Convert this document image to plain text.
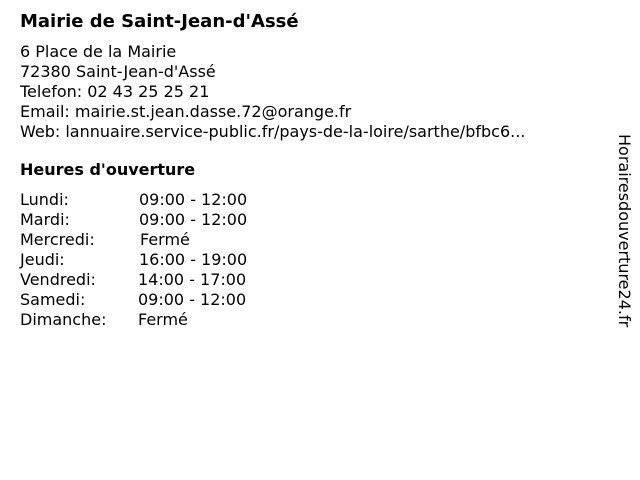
Mairie de Saint-Jean-d'Assé
6 Place de la Mairie
72380 Saint-Jean-d'Assé
Telefon: 02 43 25 25 21
Email: mairie.st.jean.dasse.72@orange.fr
Web: lannuaire.service-public.fr/pays-de-la-loire/sarthe/bfbc6...
Heures d'ouverture
Lundi:	09:00 - 12:00
Mardi:	09:00 - 12:00
Mercredi:	Fermé
Jeudi:	16:00 - 19:00
Vendredi:	14:00 - 17:00
Samedi:	09:00 - 12:00
Dimanche:	Fermé	Horairesdouverture24.fr
